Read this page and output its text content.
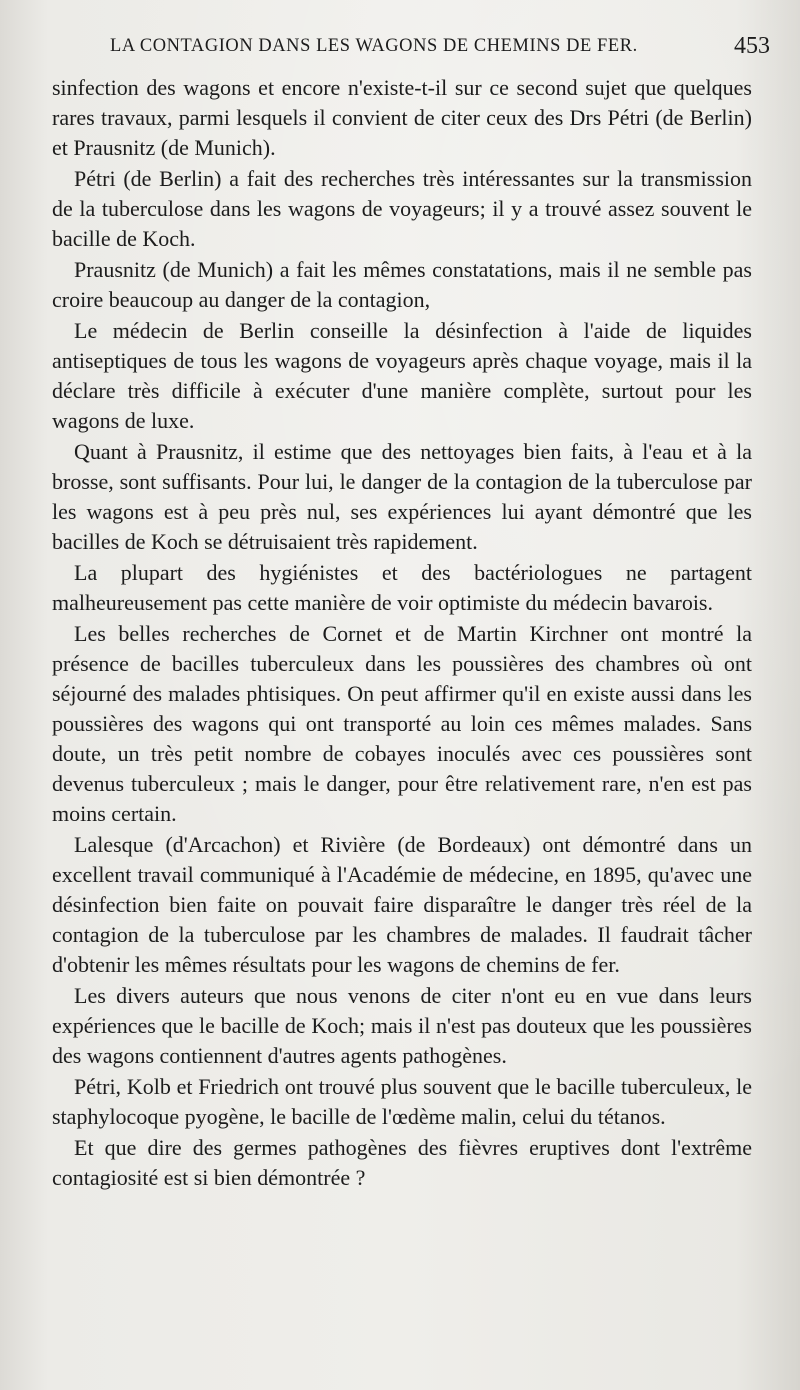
LA CONTAGION DANS LES WAGONS DE CHEMINS DE FER.	453

sinfection des wagons et encore n'existe-t-il sur ce second sujet que quelques rares travaux, parmi lesquels il convient de citer ceux des Drs Pétri (de Berlin) et Prausnitz (de Munich).

Pétri (de Berlin) a fait des recherches très intéressantes sur la transmission de la tuberculose dans les wagons de voyageurs; il y a trouvé assez souvent le bacille de Koch.

Prausnitz (de Munich) a fait les mêmes constatations, mais il ne semble pas croire beaucoup au danger de la contagion,

Le médecin de Berlin conseille la désinfection à l'aide de liquides antiseptiques de tous les wagons de voyageurs après chaque voyage, mais il la déclare très difficile à exécuter d'une manière complète, surtout pour les wagons de luxe.

Quant à Prausnitz, il estime que des nettoyages bien faits, à l'eau et à la brosse, sont suffisants. Pour lui, le danger de la contagion de la tuberculose par les wagons est à peu près nul, ses expériences lui ayant démontré que les bacilles de Koch se détruisaient très rapidement.

La plupart des hygiénistes et des bactériologues ne partagent malheureusement pas cette manière de voir optimiste du médecin bavarois.

Les belles recherches de Cornet et de Martin Kirchner ont montré la présence de bacilles tuberculeux dans les poussières des chambres où ont séjourné des malades phtisiques. On peut affirmer qu'il en existe aussi dans les poussières des wagons qui ont transporté au loin ces mêmes malades. Sans doute, un très petit nombre de cobayes inoculés avec ces poussières sont devenus tuberculeux ; mais le danger, pour être relativement rare, n'en est pas moins certain.

Lalesque (d'Arcachon) et Rivière (de Bordeaux) ont démontré dans un excellent travail communiqué à l'Académie de médecine, en 1895, qu'avec une désinfection bien faite on pouvait faire disparaître le danger très réel de la contagion de la tuberculose par les chambres de malades. Il faudrait tâcher d'obtenir les mêmes résultats pour les wagons de chemins de fer.

Les divers auteurs que nous venons de citer n'ont eu en vue dans leurs expériences que le bacille de Koch; mais il n'est pas douteux que les poussières des wagons contiennent d'autres agents pathogènes.

Pétri, Kolb et Friedrich ont trouvé plus souvent que le bacille tuberculeux, le staphylocoque pyogène, le bacille de l'œdème malin, celui du tétanos.

Et que dire des germes pathogènes des fièvres eruptives dont l'extrême contagiosité est si bien démontrée ?
